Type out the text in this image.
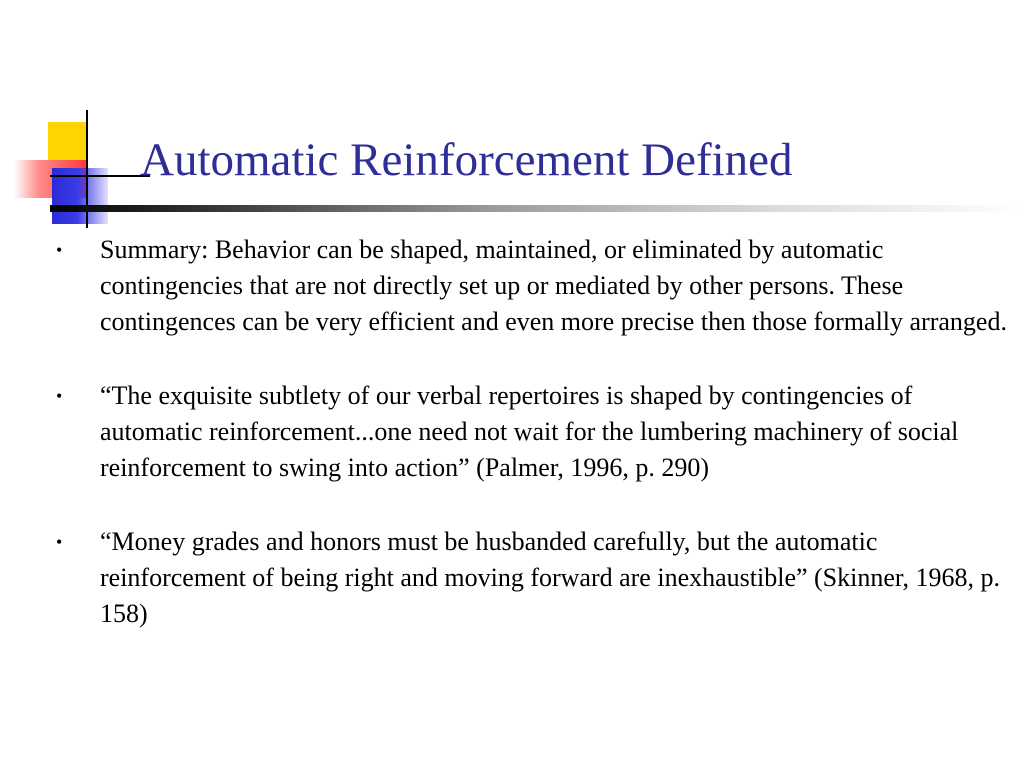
Automatic Reinforcement Defined
• Summary: Behavior can be shaped, maintained, or eliminated by automatic contingencies that are not directly set up or mediated by other persons. These contingences can be very efficient and even more precise then those formally arranged.
• “The exquisite subtlety of our verbal repertoires is shaped by contingencies of automatic reinforcement...one need not wait for the lumbering machinery of social reinforcement to swing into action” (Palmer, 1996, p. 290)
• “Money grades and honors must be husbanded carefully, but the automatic reinforcement of being right and moving forward are inexhaustible” (Skinner, 1968, p. 158)
